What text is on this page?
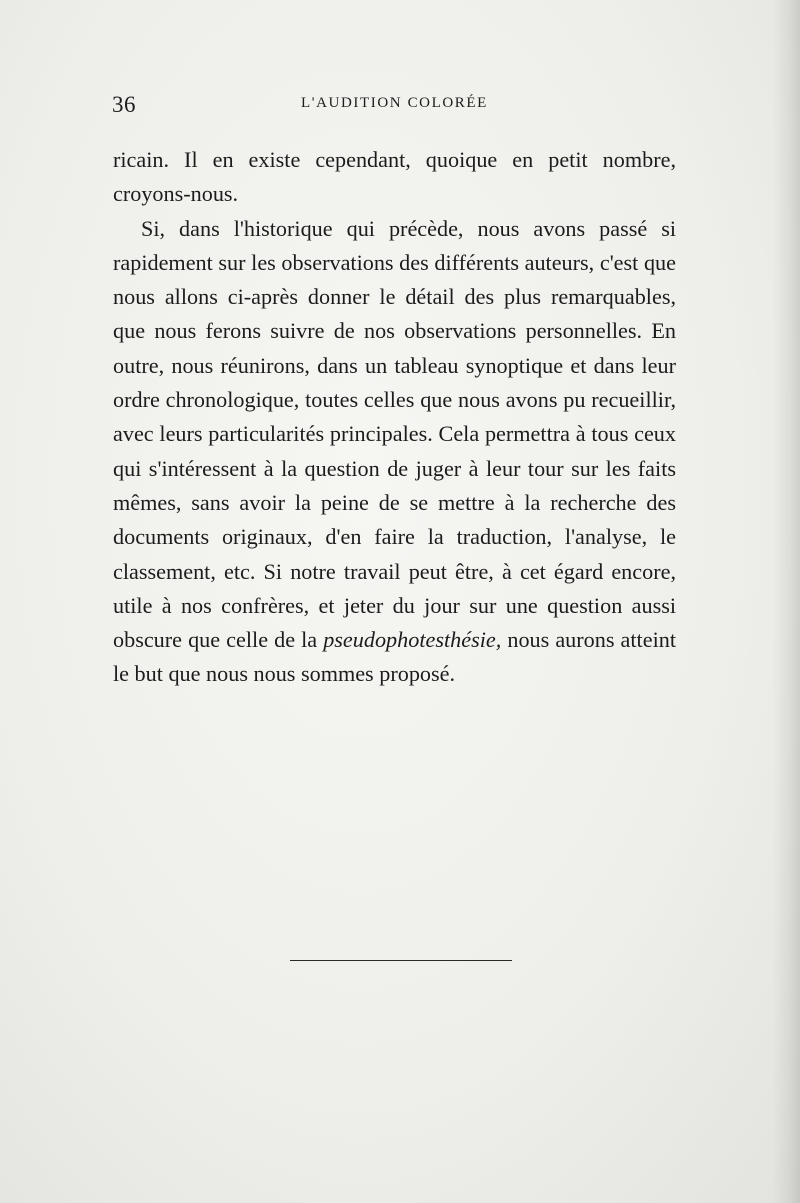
36	L'AUDITION COLORÉE

ricain. Il en existe cependant, quoique en petit nombre, croyons-nous.

Si, dans l'historique qui précède, nous avons passé si rapidement sur les observations des différents auteurs, c'est que nous allons ci-après donner le détail des plus remarquables, que nous ferons suivre de nos observations personnelles. En outre, nous réunirons, dans un tableau synoptique et dans leur ordre chronologique, toutes celles que nous avons pu recueillir, avec leurs particularités principales. Cela permettra à tous ceux qui s'intéressent à la question de juger à leur tour sur les faits mêmes, sans avoir la peine de se mettre à la recherche des documents originaux, d'en faire la traduction, l'analyse, le classement, etc. Si notre travail peut être, à cet égard encore, utile à nos confrères, et jeter du jour sur une question aussi obscure que celle de la pseudophotesthésie, nous aurons atteint le but que nous nous sommes proposé.
